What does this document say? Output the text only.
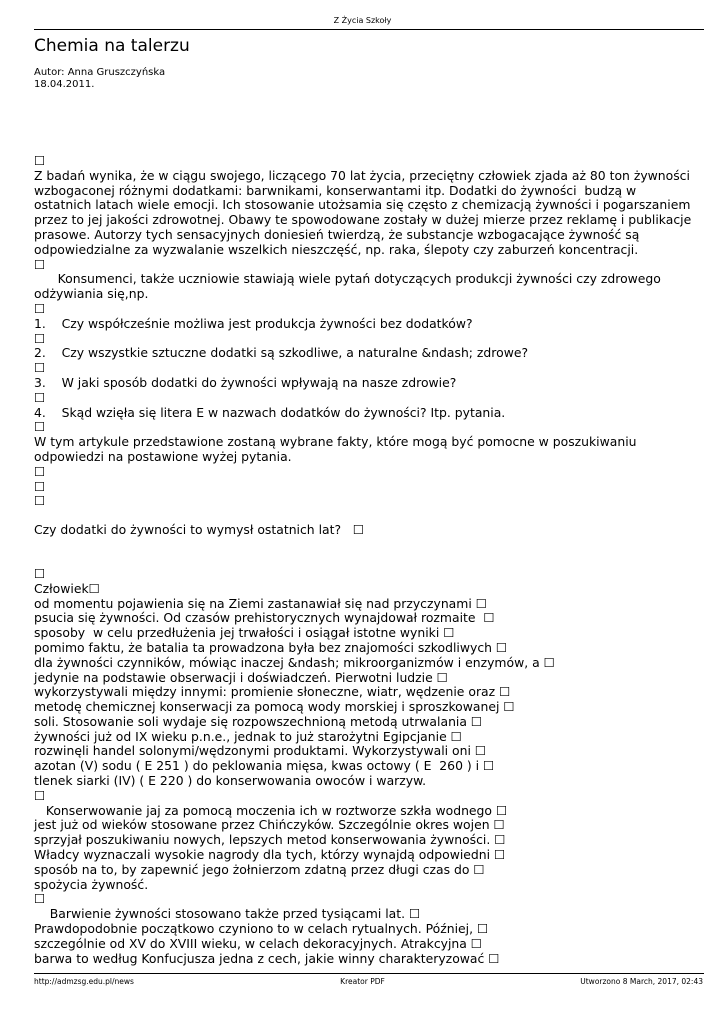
Z Życia Szkoły
Chemia na talerzu
Autor: Anna Gruszczyńska
18.04.2011.

☐

Z badań wynika, że w ciągu swojego, liczącego 70 lat życia, przeciętny człowiek zjada aż 80 ton żywności wzbogaconej różnymi dodatkami: barwnikami, konserwantami itp. Dodatki do żywności  budzą w ostatnich latach wiele emocji. Ich stosowanie utożsamia się często z chemizacją żywności i pogarszaniem przez to jej jakości zdrowotnej. Obawy te spowodowane zostały w dużej mierze przez reklamę i publikacje prasowe. Autorzy tych sensacyjnych doniesień twierdzą, że substancje wzbogacające żywność są odpowiedzialne za wyzwalanie wszelkich nieszczęść, np. raka, ślepoty czy zaburzeń koncentracji.

☐

Konsumenci, także uczniowie stawiają wiele pytań dotyczących produkcji żywności czy zdrowego odżywiania się,np.

☐

1.    Czy współcześnie możliwa jest produkcja żywności bez dodatków?

☐

2.    Czy wszystkie sztuczne dodatki są szkodliwe, a naturalne &ndash; zdrowe?

☐

3.    W jaki sposób dodatki do żywności wpływają na nasze zdrowie?

☐

4.    Skąd wzięła się litera E w nazwach dodatków do żywności? Itp. pytania.

☐

W tym artykule przedstawione zostaną wybrane fakty, które mogą być pomocne w poszukiwaniu odpowiedzi na postawione wyżej pytania.

☐

☐

☐

Czy dodatki do żywności to wymysł ostatnich lat?   ☐

☐

Człowiek☐

od momentu pojawienia się na Ziemi zastanawiał się nad przyczynami ☐
psucia się żywności. Od czasów prehistorycznych wynajdował rozmaite  ☐
sposoby  w celu przedłużenia jej trwałości i osiągał istotne wyniki ☐
pomimo faktu, że batalia ta prowadzona była bez znajomości szkodliwych ☐
dla żywności czynników, mówiąc inaczej &ndash; mikroorganizmów i enzymów, a ☐
jedynie na podstawie obserwacji i doświadczeń. Pierwotni ludzie ☐
wykorzystywali między innymi: promienie słoneczne, wiatr, wędzenie oraz ☐
metodę chemicznej konserwacji za pomocą wody morskiej i sproszkowanej ☐
soli. Stosowanie soli wydaje się rozpowszechnioną metodą utrwalania ☐
żywności już od IX wieku p.n.e., jednak to już starożytni Egipcjanie ☐
rozwinęli handel solonymi/wędzonymi produktami. Wykorzystywali oni ☐
azotan (V) sodu ( E 251 ) do peklowania mięsa, kwas octowy ( E  260 ) i ☐
tlenek siarki (IV) ( E 220 ) do konserwowania owoców i warzyw.

☐

Konserwowanie jaj za pomocą moczenia ich w roztworze szkła wodnego ☐
jest już od wieków stosowane przez Chińczyków. Szczególnie okres wojen ☐
sprzyjał poszukiwaniu nowych, lepszych metod konserwowania żywności. ☐
Władcy wyznaczali wysokie nagrody dla tych, którzy wynajdą odpowiedni ☐
sposób na to, by zapewnić jego żołnierzom zdatną przez długi czas do ☐
spożycia żywność.

☐

Barwienie żywności stosowano także przed tysiącami lat. ☐
Prawdopodobnie początkowo czyniono to w celach rytualnych. Później, ☐
szczególnie od XV do XVIII wieku, w celach dekoracyjnych. Atrakcyjna ☐
barwa to według Konfucjusza jedna z cech, jakie winny charakteryzować ☐

http://admzsg.edu.pl/news	Kreator PDF	Utworzono 8 March, 2017, 02:43
